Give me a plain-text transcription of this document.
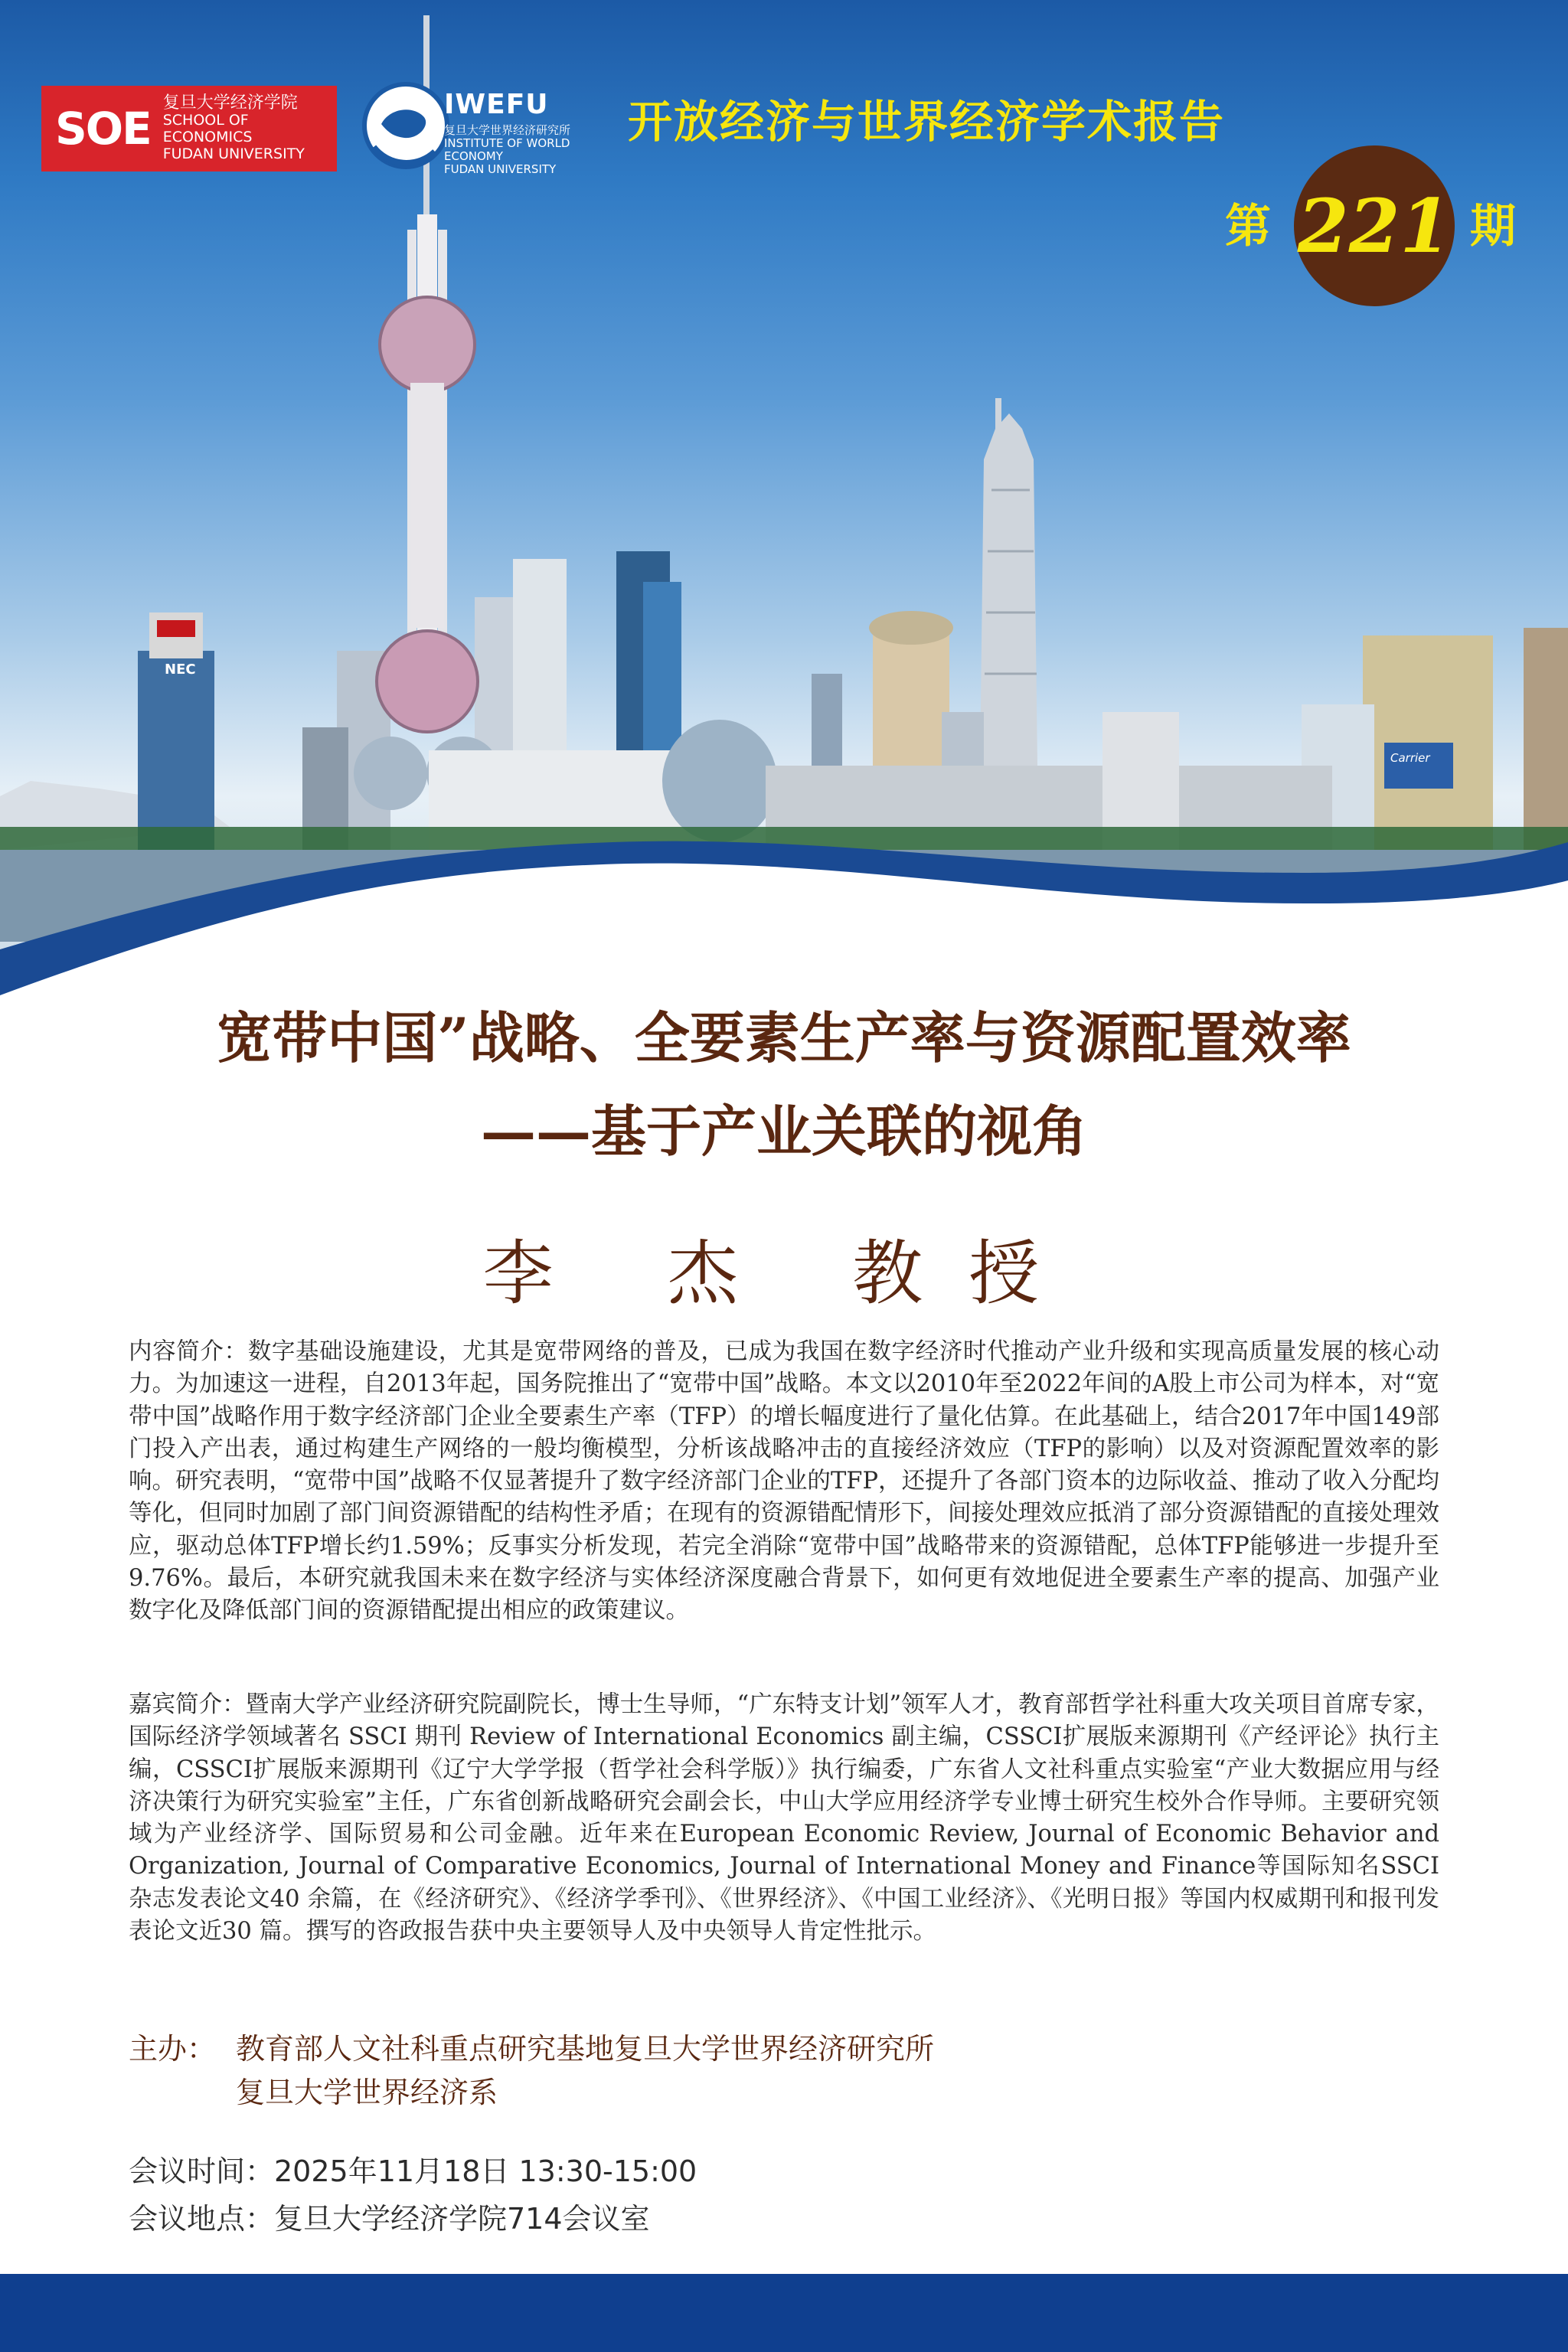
NEC
Carrier
SOE 复旦大学经济学院
SCHOOL OF ECONOMICS
FUDAN UNIVERSITY
IWEFU
复旦大学世界经济研究所
INSTITUTE OF WORLD ECONOMY
FUDAN UNIVERSITY
开放经济与世界经济学术报告
第 221 期
宽带中国”战略、全要素生产率与资源配置效率
——基于产业关联的视角
李 杰 教授
内容简介：数字基础设施建设，尤其是宽带网络的普及，已成为我国在数字经济时代推动产业升级和实现高质量发展的核心动力。为加速这一进程，自2013年起，国务院推出了“宽带中国”战略。本文以2010年至2022年间的A股上市公司为样本，对“宽带中国”战略作用于数字经济部门企业全要素生产率（TFP）的增长幅度进行了量化估算。在此基础上，结合2017年中国149部门投入产出表，通过构建生产网络的一般均衡模型，分析该战略冲击的直接经济效应（TFP的影响）以及对资源配置效率的影响。研究表明，“宽带中国”战略不仅显著提升了数字经济部门企业的TFP，还提升了各部门资本的边际收益、推动了收入分配均等化，但同时加剧了部门间资源错配的结构性矛盾；在现有的资源错配情形下，间接处理效应抵消了部分资源错配的直接处理效应，驱动总体TFP增长约1.59%；反事实分析发现，若完全消除“宽带中国”战略带来的资源错配，总体TFP能够进一步提升至9.76%。最后，本研究就我国未来在数字经济与实体经济深度融合背景下，如何更有效地促进全要素生产率的提高、加强产业数字化及降低部门间的资源错配提出相应的政策建议。
嘉宾简介：暨南大学产业经济研究院副院长，博士生导师，“广东特支计划”领军人才，教育部哲学社科重大攻关项目首席专家，国际经济学领域著名 SSCI 期刊 Review of International Economics 副主编，CSSCI扩展版来源期刊《产经评论》执行主编，CSSCI扩展版来源期刊《辽宁大学学报（哲学社会科学版）》执行编委，广东省人文社科重点实验室“产业大数据应用与经济决策行为研究实验室”主任，广东省创新战略研究会副会长，中山大学应用经济学专业博士研究生校外合作导师。主要研究领域为产业经济学、国际贸易和公司金融。近年来在European Economic Review, Journal of Economic Behavior and Organization, Journal of Comparative Economics, Journal of International Money and Finance等国际知名SSCI 杂志发表论文40 余篇，在《经济研究》、《经济学季刊》、《世界经济》、《中国工业经济》、《光明日报》等国内权威期刊和报刊发表论文近30 篇。撰写的咨政报告获中央主要领导人及中央领导人肯定性批示。
主办： 教育部人文社科重点研究基地复旦大学世界经济研究所
复旦大学世界经济系
会议时间：2025年11月18日 13:30-15:00
会议地点：复旦大学经济学院714会议室
